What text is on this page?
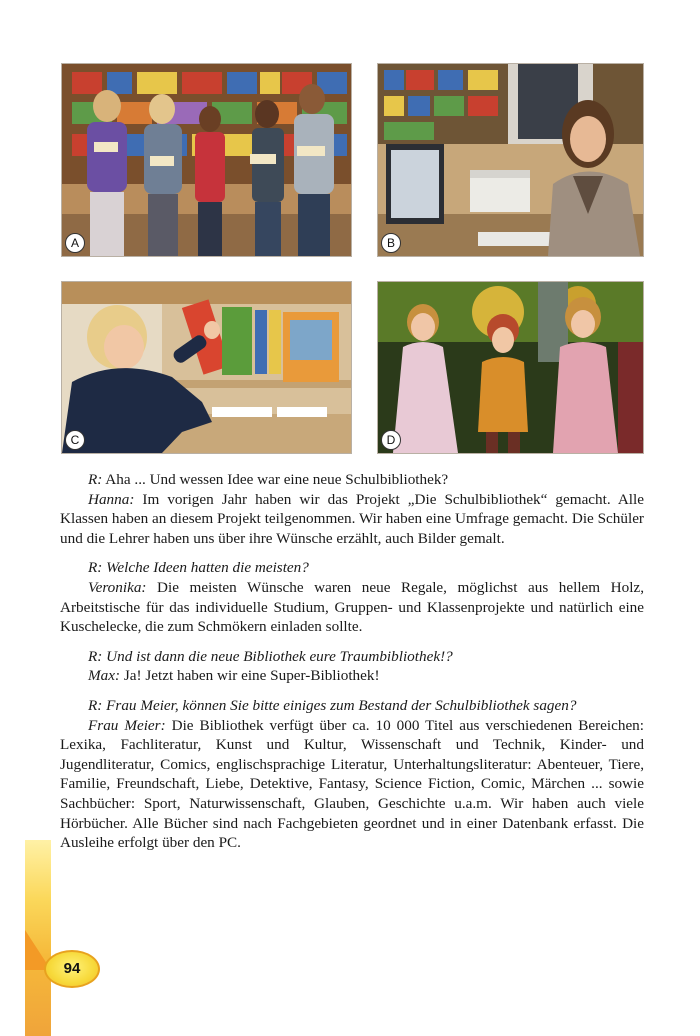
A	B
C	D

R: Aha ... Und wessen Idee war eine neue Schulbibliothek?

Hanna: Im vorigen Jahr haben wir das Projekt „Die Schulbibliothek“ gemacht. Alle Klassen haben an diesem Projekt teilgenommen. Wir haben eine Umfrage gemacht. Die Schüler und die Lehrer haben uns über ihre Wünsche erzählt, auch Bilder gemalt.

R: Welche Ideen hatten die meisten?

Veronika: Die meisten Wünsche waren neue Regale, möglichst aus hellem Holz, Arbeitstische für das individuelle Studium, Gruppen- und Klassenprojekte und natürlich eine Kuschelecke, die zum Schmökern einladen sollte.

R: Und ist dann die neue Bibliothek eure Traumbibliothek!?

Max: Ja! Jetzt haben wir eine Super-Bibliothek!

R: Frau Meier, können Sie bitte einiges zum Bestand der Schulbibliothek sagen?

Frau Meier: Die Bibliothek verfügt über ca. 10 000 Titel aus verschiedenen Bereichen: Lexika, Fachliteratur, Kunst und Kultur, Wissenschaft und Technik, Kinder- und Jugendliteratur, Comics, englischsprachige Literatur, Unterhaltungsliteratur: Abenteuer, Tiere, Familie, Freundschaft, Liebe, Detektive, Fantasy, Science Fiction, Comic, Märchen ... sowie Sachbücher: Sport, Naturwissenschaft, Glauben, Geschichte u.a.m. Wir haben auch viele Hörbücher. Alle Bücher sind nach Fachgebieten geordnet und in einer Datenbank erfasst. Die Ausleihe erfolgt über den PC.

94
